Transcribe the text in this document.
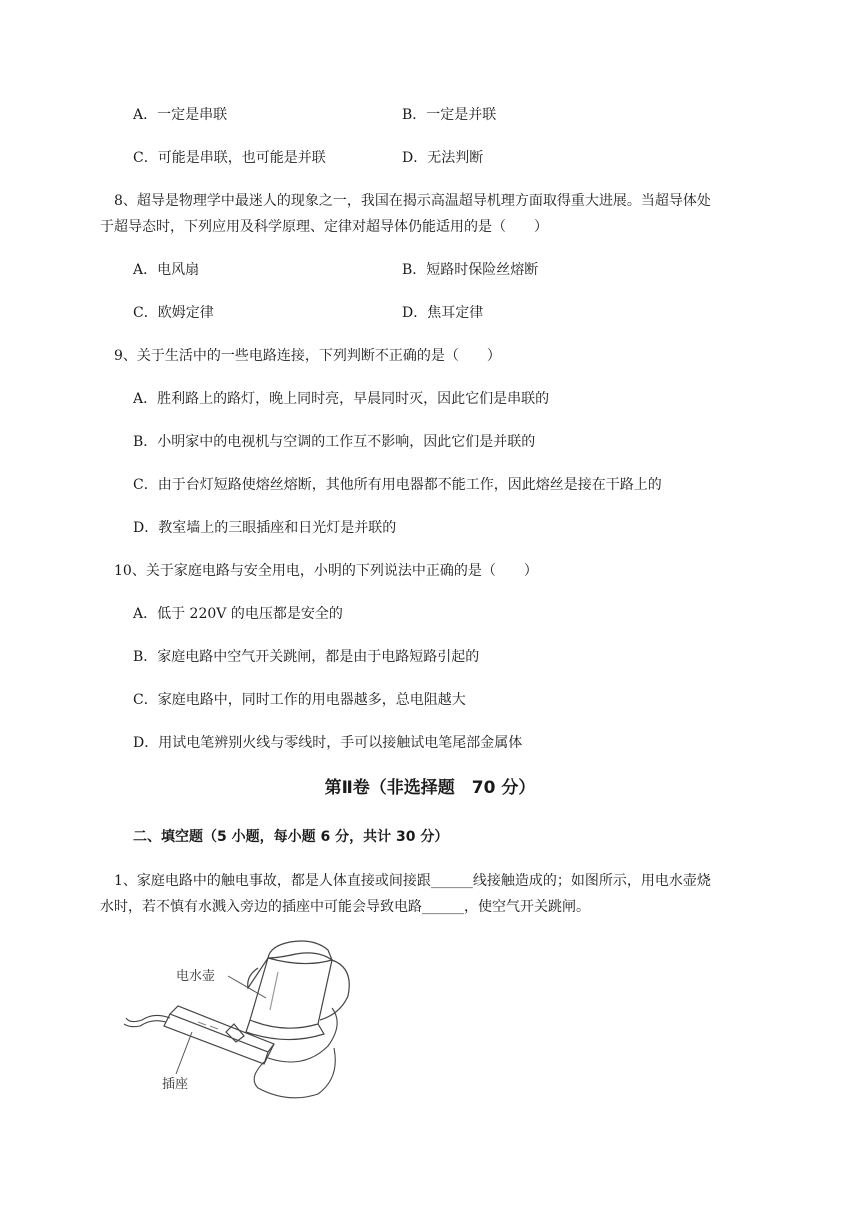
A．一定是串联	B．一定是并联
C．可能是串联，也可能是并联	D．无法判断
8、超导是物理学中最迷人的现象之一，我国在揭示高温超导机理方面取得重大进展。当超导体处
于超导态时，下列应用及科学原理、定律对超导体仍能适用的是（　　）
A．电风扇	B．短路时保险丝熔断
C．欧姆定律	D．焦耳定律
9、关于生活中的一些电路连接，下列判断不正确的是（　　）
A．胜利路上的路灯，晚上同时亮，早晨同时灭，因此它们是串联的
B．小明家中的电视机与空调的工作互不影响，因此它们是并联的
C．由于台灯短路使熔丝熔断，其他所有用电器都不能工作，因此熔丝是接在干路上的
D．教室墙上的三眼插座和日光灯是并联的
10、关于家庭电路与安全用电，小明的下列说法中正确的是（　　）
A．低于 220V 的电压都是安全的
B．家庭电路中空气开关跳闸，都是由于电路短路引起的
C．家庭电路中，同时工作的用电器越多，总电阻越大
D．用试电笔辨别火线与零线时，手可以接触试电笔尾部金属体
第Ⅱ卷（非选择题　70 分）
二、填空题（5 小题，每小题 6 分，共计 30 分）
1、家庭电路中的触电事故，都是人体直接或间接跟______线接触造成的；如图所示，用电水壶烧
水时，若不慎有水溅入旁边的插座中可能会导致电路______，使空气开关跳闸。
电水壶
插座
